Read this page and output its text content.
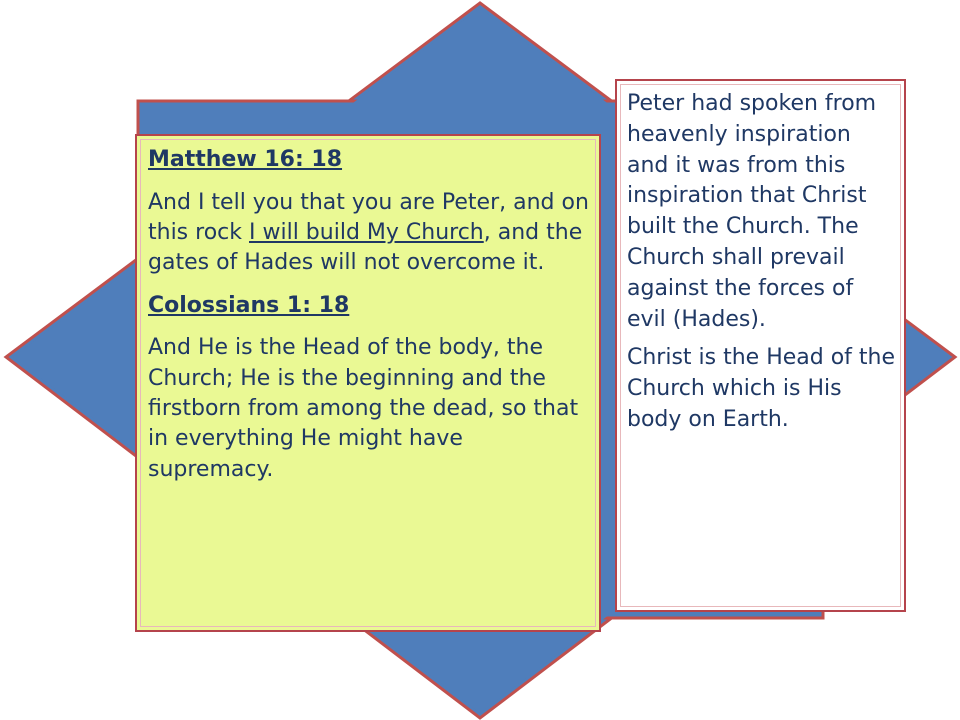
Matthew 16: 18

And I tell you that you are Peter, and on this rock I will build My Church, and the gates of Hades will not overcome it.

Colossians 1: 18

And He is the Head of the body, the Church; He is the beginning and the firstborn from among the dead, so that in everything He might have supremacy.

Peter had spoken from heavenly inspiration and it was from this inspiration that Christ built the Church. The Church shall prevail against the forces of evil (Hades).

Christ is the Head of the Church which is His body on Earth.
